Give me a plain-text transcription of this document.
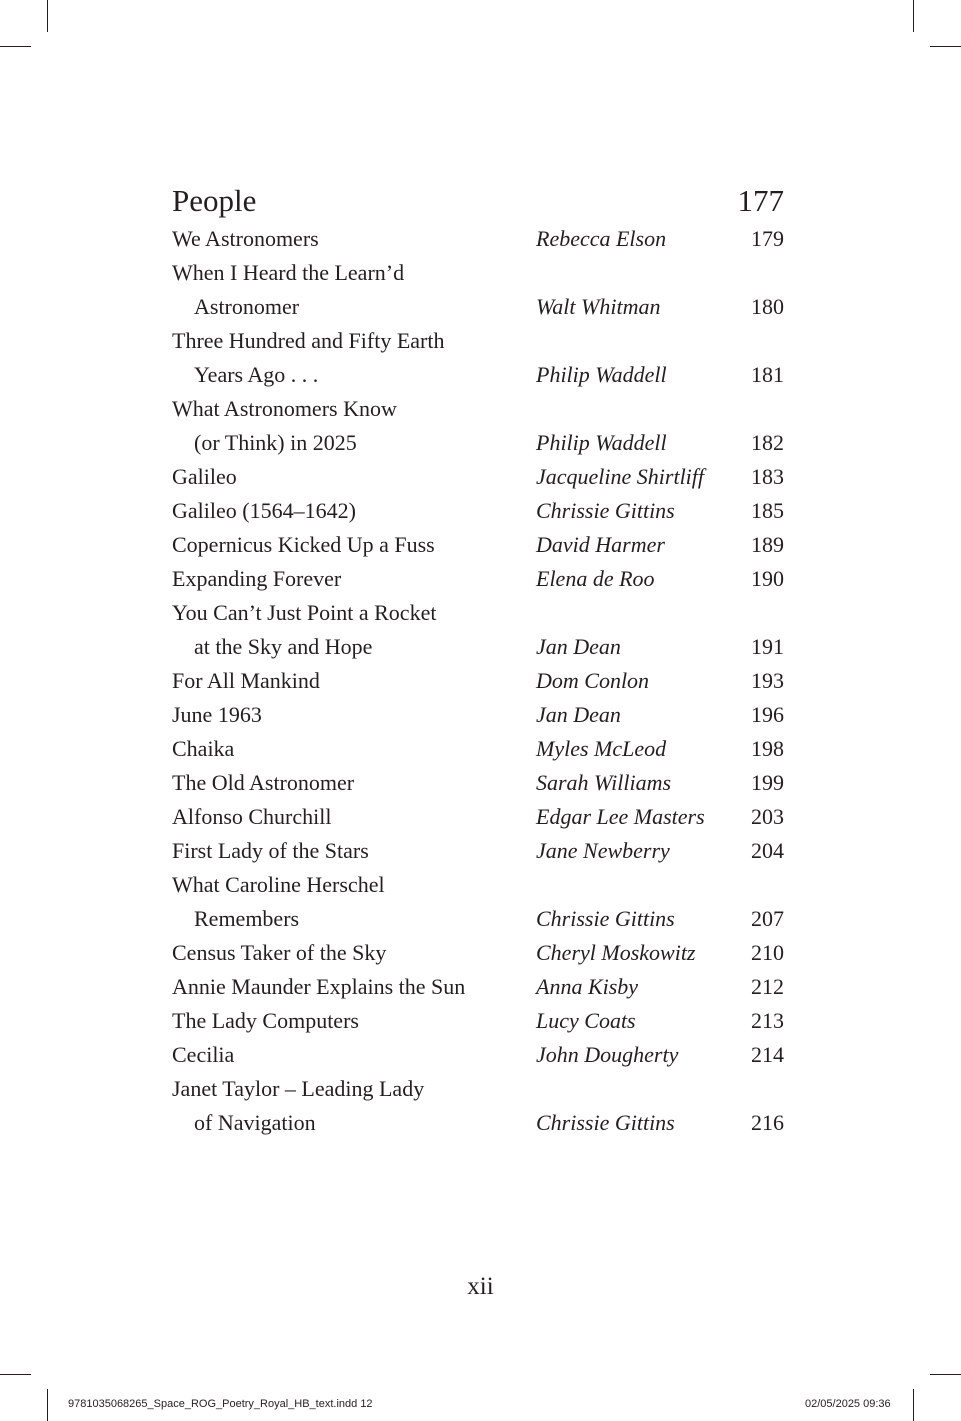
People	177
We Astronomers	Rebecca Elson	179
When I Heard the Learn’d
Astronomer	Walt Whitman	180
Three Hundred and Fifty Earth
Years Ago . . .	Philip Waddell	181
What Astronomers Know
(or Think) in 2025	Philip Waddell	182
Galileo	Jacqueline Shirtliff 183
Galileo (1564–1642)	Chrissie Gittins	185
Copernicus Kicked Up a Fuss	David Harmer	189
Expanding Forever	Elena de Roo	190
You Can’t Just Point a Rocket
at the Sky and Hope	Jan Dean	191
For All Mankind	Dom Conlon	193
June 1963	Jan Dean	196
Chaika	Myles McLeod	198
The Old Astronomer	Sarah Williams	199
Alfonso Churchill	Edgar Lee Masters 203
First Lady of the Stars	Jane Newberry	204
What Caroline Herschel
Remembers	Chrissie Gittins	207
Census Taker of the Sky	Cheryl Moskowitz	210
Annie Maunder Explains the Sun	Anna Kisby	212
The Lady Computers	Lucy Coats	213
Cecilia	John Dougherty	214
Janet Taylor – Leading Lady
of Navigation	Chrissie Gittins	216
xii
9781035068265_Space_ROG_Poetry_Royal_HB_text.indd 12	02/05/2025 09:36
